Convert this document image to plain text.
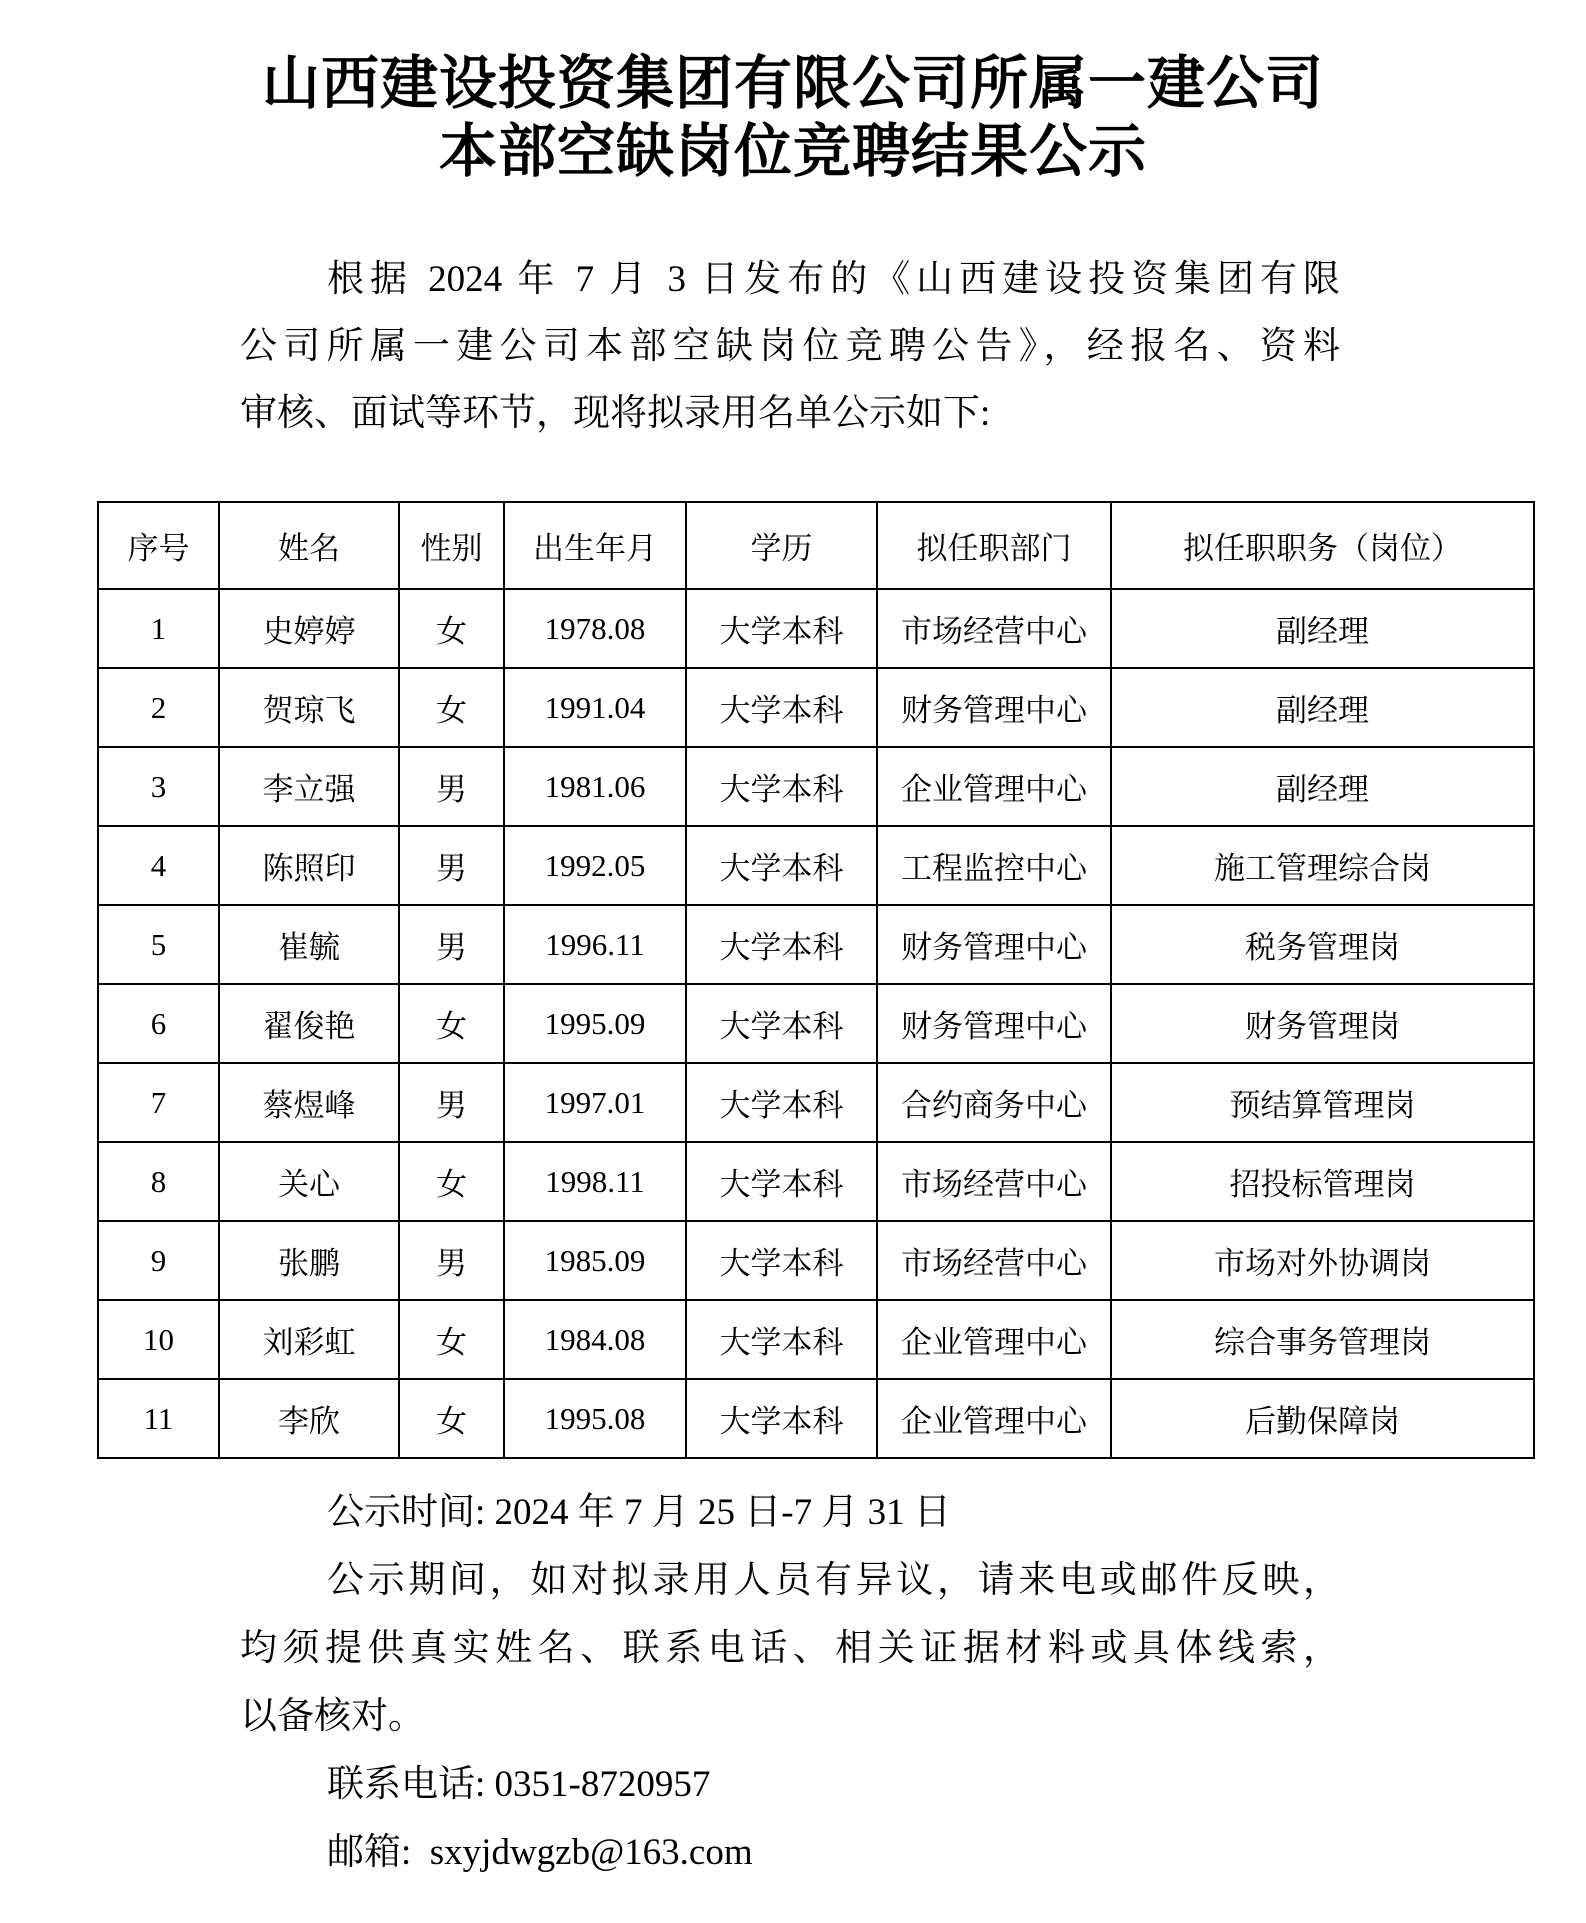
山西建设投资集团有限公司所属一建公司
本部空缺岗位竞聘结果公示
根据 2024 年 7 月 3 日发布的《山西建设投资集团有限
公司所属一建公司本部空缺岗位竞聘公告》，经报名、资料
审核、面试等环节，现将拟录用名单公示如下:
序号	姓名	性别	出生年月	学历	拟任职部门	拟任职职务（岗位）
1	史婷婷	女	1978.08	大学本科	市场经营中心	副经理
2	贺琼飞	女	1991.04	大学本科	财务管理中心	副经理
3	李立强	男	1981.06	大学本科	企业管理中心	副经理
4	陈照印	男	1992.05	大学本科	工程监控中心	施工管理综合岗
5	崔毓	男	1996.11	大学本科	财务管理中心	税务管理岗
6	翟俊艳	女	1995.09	大学本科	财务管理中心	财务管理岗
7	蔡煜峰	男	1997.01	大学本科	合约商务中心	预结算管理岗
8	关心	女	1998.11	大学本科	市场经营中心	招投标管理岗
9	张鹏	男	1985.09	大学本科	市场经营中心	市场对外协调岗
10	刘彩虹	女	1984.08	大学本科	企业管理中心	综合事务管理岗
11	李欣	女	1995.08	大学本科	企业管理中心	后勤保障岗
公示时间: 2024 年 7 月 25 日-7 月 31 日
公示期间，如对拟录用人员有异议，请来电或邮件反映，
均须提供真实姓名、联系电话、相关证据材料或具体线索，
以备核对。
联系电话: 0351-8720957
邮箱:  sxyjdwgzb@163.com
